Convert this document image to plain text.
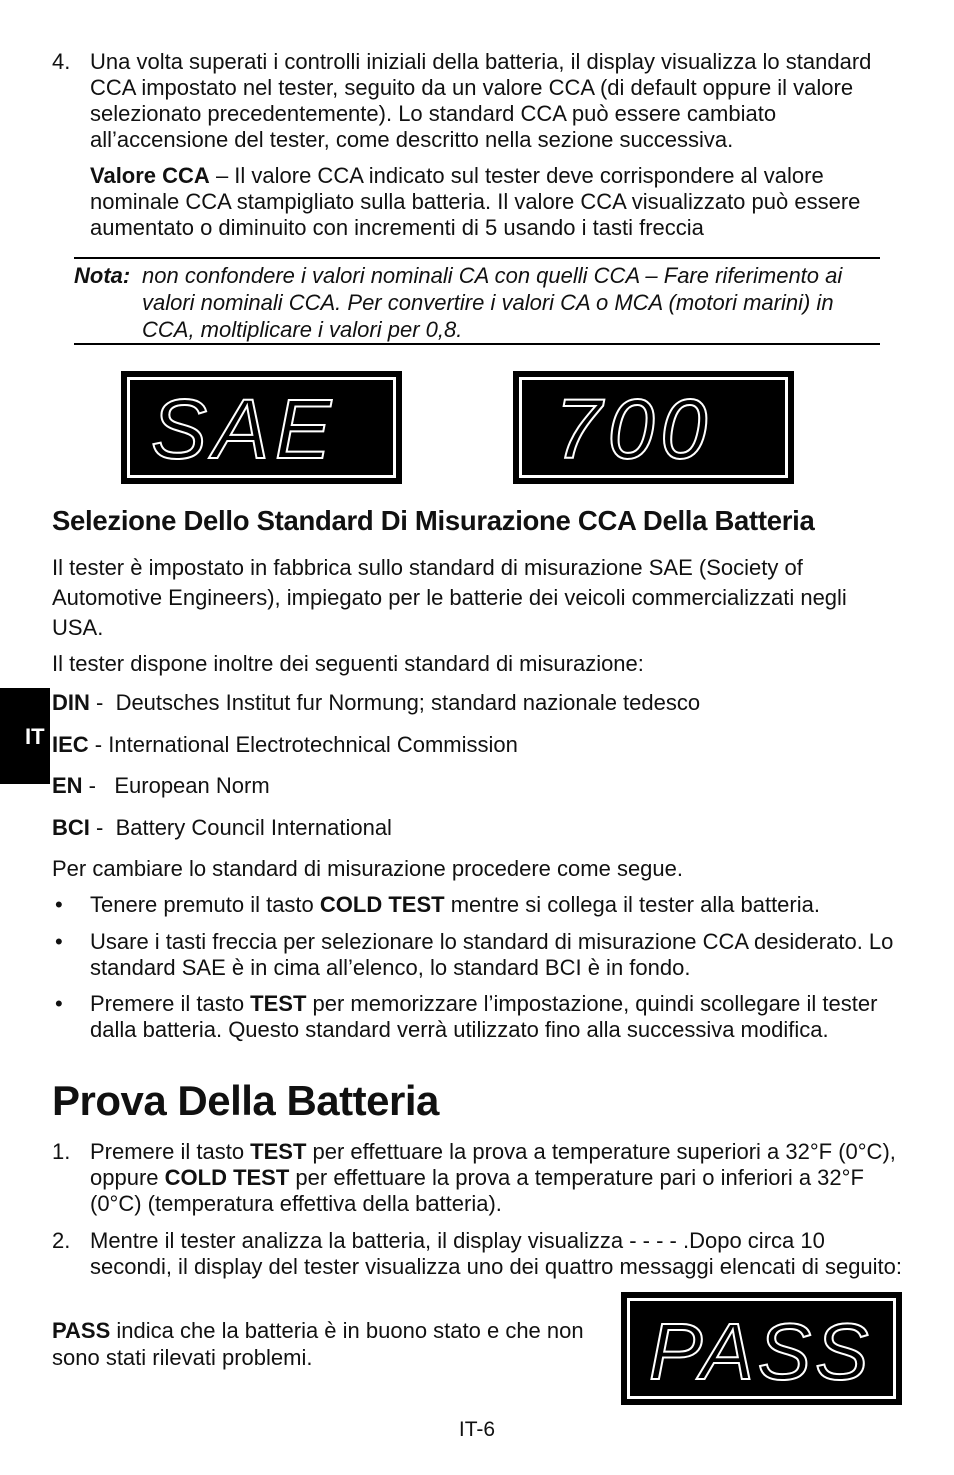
4. Una volta superati i controlli iniziali della batteria, il display visualizza lo standard CCA impostato nel tester, seguito da un valore CCA (di default oppure il valore selezionato precedentemente). Lo standard CCA può essere cambiato all’accensione del tester, come descritto nella sezione successiva.
Valore CCA – Il valore CCA indicato sul tester deve corrispondere al valore nominale CCA stampigliato sulla batteria. Il valore CCA visualizzato può essere aumentato o diminuito con incrementi di 5 usando i tasti freccia
Nota: non confondere i valori nominali CA con quelli CCA – Fare riferimento ai valori nominali CCA. Per convertire i valori CA o MCA (motori marini) in CCA, moltiplicare i valori per 0,8.
SAE	700
Selezione Dello Standard Di Misurazione CCA Della Batteria
Il tester è impostato in fabbrica sullo standard di misurazione SAE (Society of Automotive Engineers), impiegato per le batterie dei veicoli commercializzati negli USA.
Il tester dispone inoltre dei seguenti standard di misurazione:
IT
DIN -  Deutsches Institut fur Normung; standard nazionale tedesco
IEC - International Electrotechnical Commission
EN -   European Norm
BCI -  Battery Council International
Per cambiare lo standard di misurazione procedere come segue.
• Tenere premuto il tasto COLD TEST mentre si collega il tester alla batteria.
• Usare i tasti freccia per selezionare lo standard di misurazione CCA desiderato. Lo standard SAE è in cima all’elenco, lo standard BCI è in fondo.
• Premere il tasto TEST per memorizzare l’impostazione, quindi scollegare il tester dalla batteria. Questo standard verrà utilizzato fino alla successiva modifica.
Prova Della Batteria
1. Premere il tasto TEST per effettuare la prova a temperature superiori a 32°F (0°C), oppure COLD TEST per effettuare la prova a temperature pari o inferiori a 32°F (0°C) (temperatura effettiva della batteria).
2. Mentre il tester analizza la batteria, il display visualizza - - - - .Dopo circa 10 secondi, il display del tester visualizza uno dei quattro messaggi elencati di seguito:
PASS indica che la batteria è in buono stato e che non sono stati rilevati problemi.	PASS
IT-6
